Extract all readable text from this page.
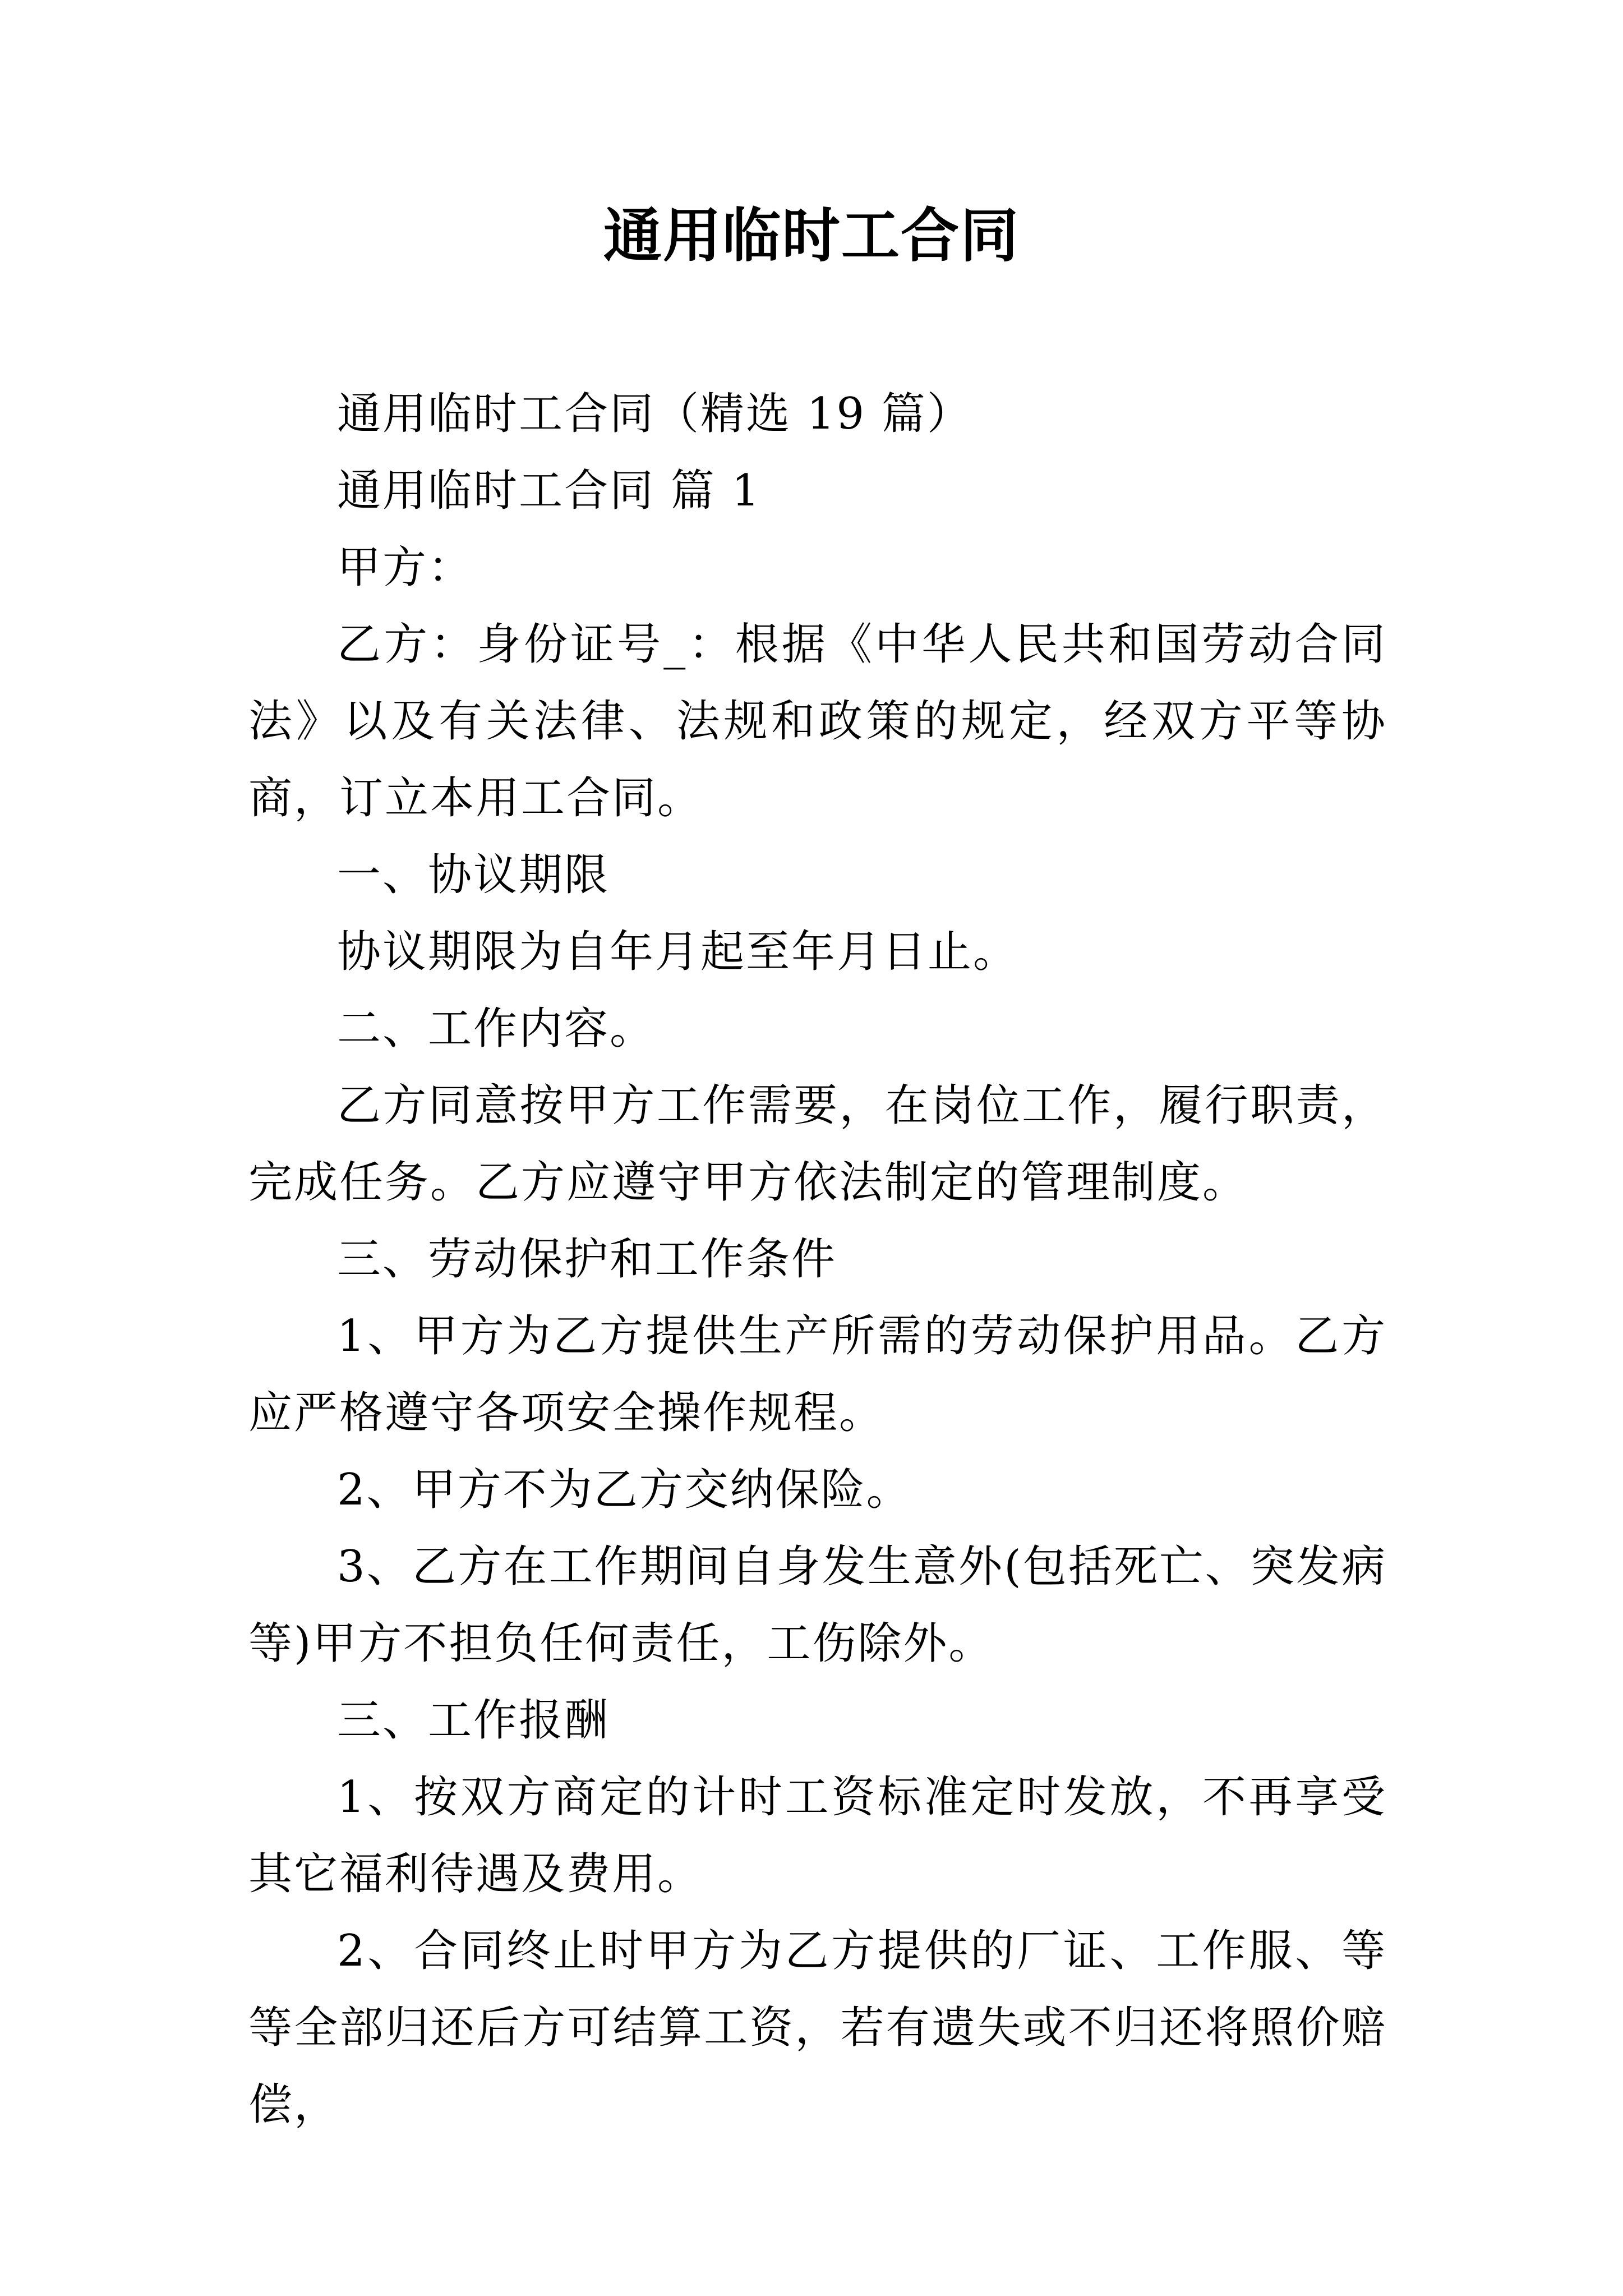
通用临时工合同

通用临时工合同（精选 19 篇）

通用临时工合同 篇 1

甲方：

乙方：身份证号_：根据《中华人民共和国劳动合同法》以及有关法律、法规和政策的规定，经双方平等协商，订立本用工合同。

一、协议期限

协议期限为自年月起至年月日止。

二、工作内容。

乙方同意按甲方工作需要，在岗位工作，履行职责，完成任务。乙方应遵守甲方依法制定的管理制度。

三、劳动保护和工作条件

1、甲方为乙方提供生产所需的劳动保护用品。乙方应严格遵守各项安全操作规程。

2、甲方不为乙方交纳保险。

3、乙方在工作期间自身发生意外(包括死亡、突发病等)甲方不担负任何责任，工伤除外。

三、工作报酬

1、按双方商定的计时工资标准定时发放，不再享受其它福利待遇及费用。

2、合同终止时甲方为乙方提供的厂证、工作服、等等全部归还后方可结算工资，若有遗失或不归还将照价赔偿，
